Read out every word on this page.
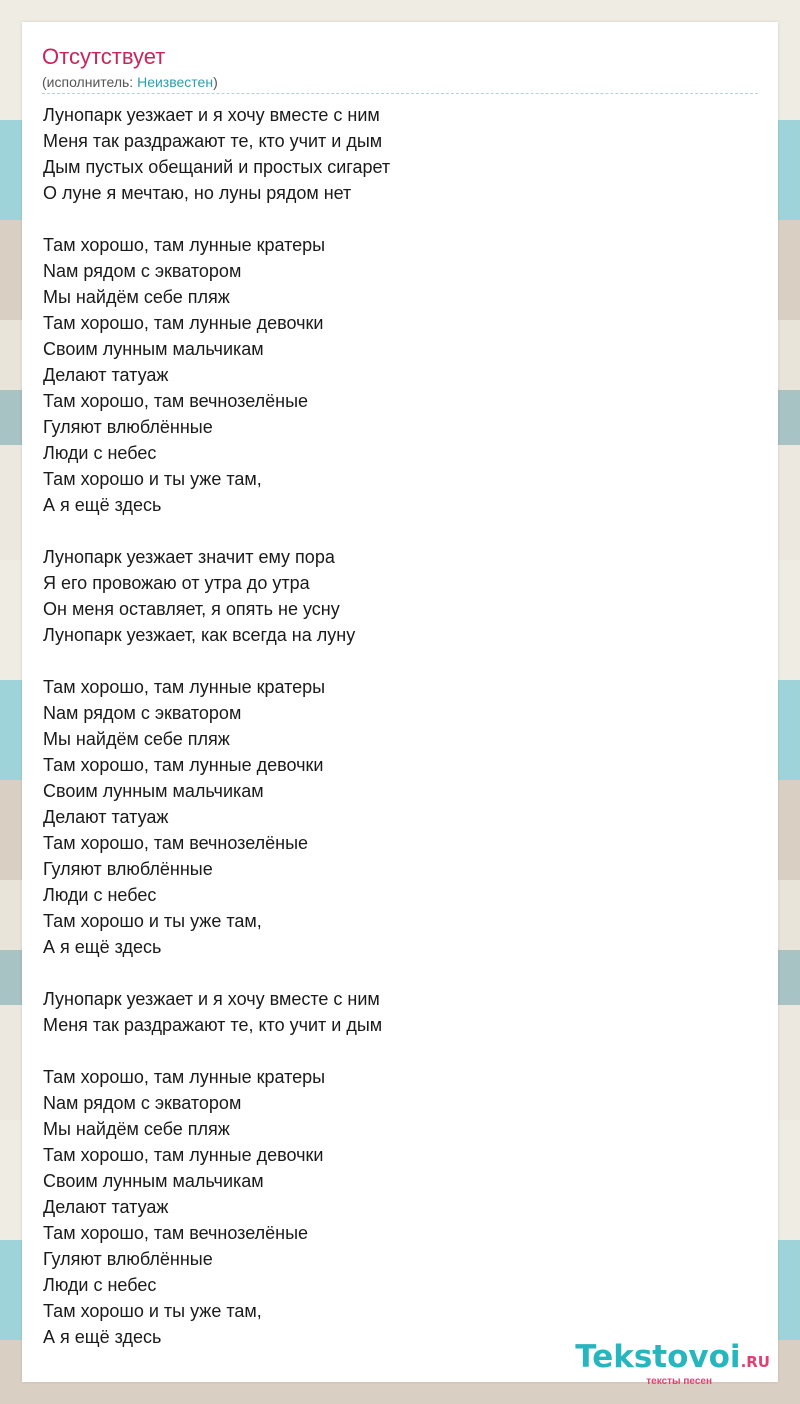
Отсутствует
(исполнитель: Неизвестен)
Лунопарк уезжает и я хочу вместе с ним
Меня так раздражают те, кто учит и дым
Дым пустых обещаний и простых сигарет
О луне я мечтаю, но луны рядом нет
Там хорошо, там лунные кратеры
Nам рядом с экватором
Мы найдём себе пляж
Там хорошо, там лунные девочки
Своим лунным мальчикам
Делают татуаж
Там хорошо, там вечнозелёные
Гуляют влюблённые
Люди с небес
Там хорошо и ты уже там,
А я ещё здесь
Лунопарк уезжает значит ему пора
Я его провожаю от утра до утра
Он меня оставляет, я опять не усну
Лунопарк уезжает, как всегда на луну
Там хорошо, там лунные кратеры
Nам рядом с экватором
Мы найдём себе пляж
Там хорошо, там лунные девочки
Своим лунным мальчикам
Делают татуаж
Там хорошо, там вечнозелёные
Гуляют влюблённые
Люди с небес
Там хорошо и ты уже там,
А я ещё здесь
Лунопарк уезжает и я хочу вместе с ним
Меня так раздражают те, кто учит и дым
Там хорошо, там лунные кратеры
Nам рядом с экватором
Мы найдём себе пляж
Там хорошо, там лунные девочки
Своим лунным мальчикам
Делают татуаж
Там хорошо, там вечнозелёные
Гуляют влюблённые
Люди с небес
Там хорошо и ты уже там,
А я ещё здесь
Tekstovoi.RU
тексты песен
